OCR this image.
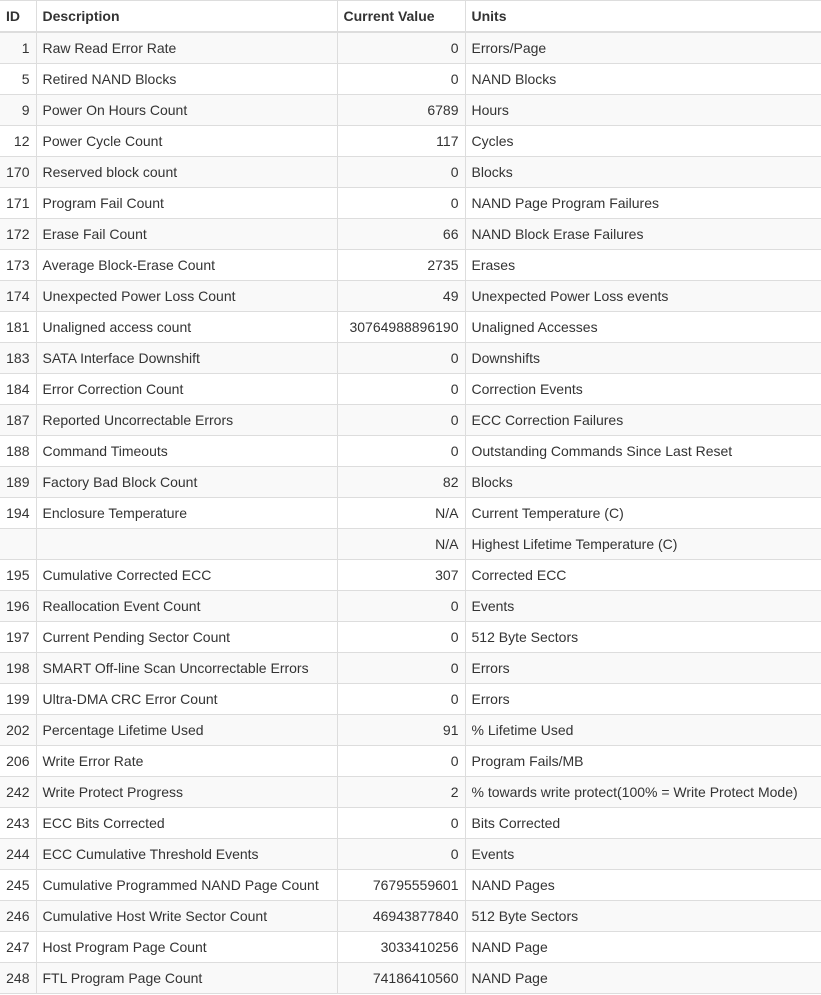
ID	Description	Current Value	Units
1	Raw Read Error Rate	0	Errors/Page
5	Retired NAND Blocks	0	NAND Blocks
9	Power On Hours Count	6789	Hours
12	Power Cycle Count	117	Cycles
170	Reserved block count	0	Blocks
171	Program Fail Count	0	NAND Page Program Failures
172	Erase Fail Count	66	NAND Block Erase Failures
173	Average Block-Erase Count	2735	Erases
174	Unexpected Power Loss Count	49	Unexpected Power Loss events
181	Unaligned access count	30764988896190	Unaligned Accesses
183	SATA Interface Downshift	0	Downshifts
184	Error Correction Count	0	Correction Events
187	Reported Uncorrectable Errors	0	ECC Correction Failures
188	Command Timeouts	0	Outstanding Commands Since Last Reset
189	Factory Bad Block Count	82	Blocks
194	Enclosure Temperature	N/A	Current Temperature (C)
		N/A	Highest Lifetime Temperature (C)
195	Cumulative Corrected ECC	307	Corrected ECC
196	Reallocation Event Count	0	Events
197	Current Pending Sector Count	0	512 Byte Sectors
198	SMART Off-line Scan Uncorrectable Errors	0	Errors
199	Ultra-DMA CRC Error Count	0	Errors
202	Percentage Lifetime Used	91	% Lifetime Used
206	Write Error Rate	0	Program Fails/MB
242	Write Protect Progress	2	% towards write protect(100% = Write Protect Mode)
243	ECC Bits Corrected	0	Bits Corrected
244	ECC Cumulative Threshold Events	0	Events
245	Cumulative Programmed NAND Page Count	76795559601	NAND Pages
246	Cumulative Host Write Sector Count	46943877840	512 Byte Sectors
247	Host Program Page Count	3033410256	NAND Page
248	FTL Program Page Count	74186410560	NAND Page
